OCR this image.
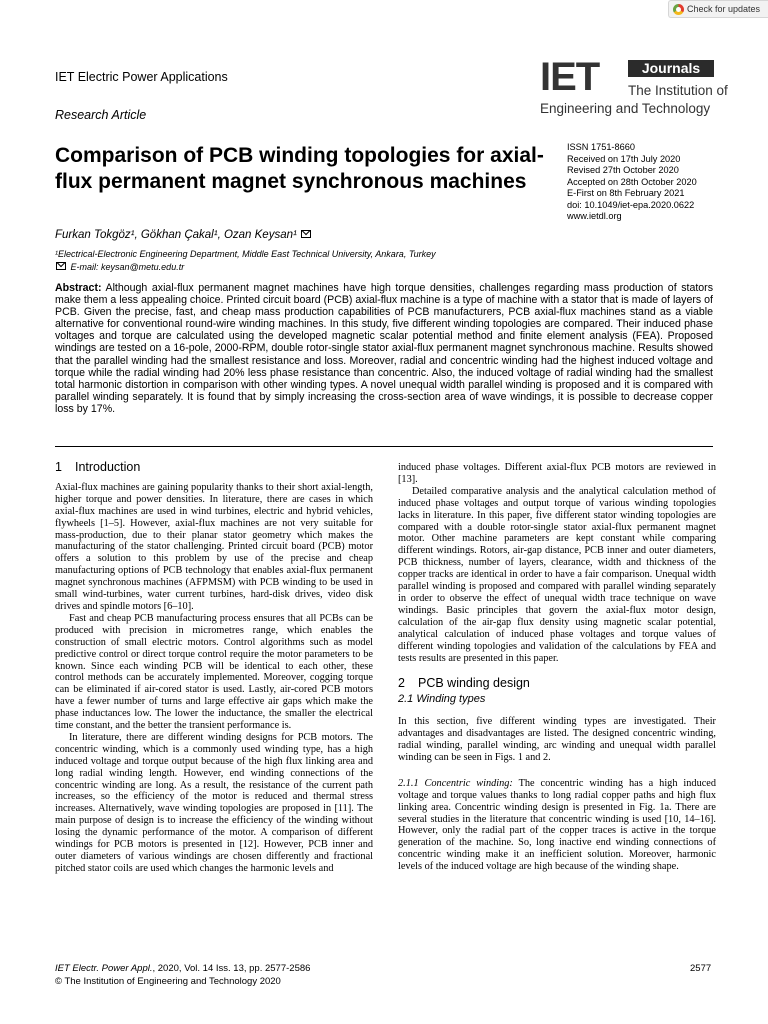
Check for updates
IET Electric Power Applications
Research Article
IET	Journals
The Institution of
Engineering and Technology
Comparison of PCB winding topologies for axial-flux permanent magnet synchronous machines
ISSN 1751-8660
Received on 17th July 2020
Revised 27th October 2020
Accepted on 28th October 2020
E-First on 8th February 2021
doi: 10.1049/iet-epa.2020.0622
www.ietdl.org
Furkan Tokgöz¹, Gökhan Çakal¹, Ozan Keysan¹
¹Electrical-Electronic Engineering Department, Middle East Technical University, Ankara, Turkey
E-mail: keysan@metu.edu.tr
Abstract: Although axial-flux permanent magnet machines have high torque densities, challenges regarding mass production of stators make them a less appealing choice. Printed circuit board (PCB) axial-flux machine is a type of machine with a stator that is made of layers of PCB. Given the precise, fast, and cheap mass production capabilities of PCB manufacturers, PCB axial-flux machines stand as a viable alternative for conventional round-wire winding machines. In this study, five different winding topologies are compared. Their induced phase voltages and torque are calculated using the developed magnetic scalar potential method and finite element analysis (FEA). Proposed windings are tested on a 16-pole, 2000-RPM, double rotor-single stator axial-flux permanent magnet synchronous machine. Results showed that the parallel winding had the smallest resistance and loss. Moreover, radial and concentric winding had the highest induced voltage and torque while the radial winding had 20% less phase resistance than concentric. Also, the induced voltage of radial winding had the smallest total harmonic distortion in comparison with other winding types. A novel unequal width parallel winding is proposed and it is compared with parallel winding separately. It is found that by simply increasing the cross-section area of wave windings, it is possible to decrease copper loss by 17%.
1 Introduction

Axial-flux machines are gaining popularity thanks to their short axial-length, higher torque and power densities. In literature, there are cases in which axial-flux machines are used in wind turbines, electric and hybrid vehicles, flywheels [1–5]. However, axial-flux machines are not very suitable for mass-production, due to their planar stator geometry which makes the manufacturing of the stator challenging. Printed circuit board (PCB) motor offers a solution to this problem by use of the precise and cheap manufacturing options of PCB technology that enables axial-flux permanent magnet synchronous machines (AFPMSM) with PCB winding to be used in small wind-turbines, water current turbines, hard-disk drives, video disk drives and spindle motors [6–10].

Fast and cheap PCB manufacturing process ensures that all PCBs can be produced with precision in micrometres range, which enables the construction of small electric motors. Control algorithms such as model predictive control or direct torque control require the motor parameters to be known. Since each winding PCB will be identical to each other, these control methods can be accurately implemented. Moreover, cogging torque can be eliminated if air-cored stator is used. Lastly, air-cored PCB motors have a fewer number of turns and large effective air gaps which make the phase inductances low. The lower the inductance, the smaller the electrical time constant, and the better the transient performance is.

In literature, there are different winding designs for PCB motors. The concentric winding, which is a commonly used winding type, has a high induced voltage and torque output because of the high flux linking area and long radial winding length. However, end winding connections of the concentric winding are long. As a result, the resistance of the current path increases, so the efficiency of the motor is reduced and thermal stress increases. Alternatively, wave winding topologies are proposed in [11]. The main purpose of design is to increase the efficiency of the winding without losing the dynamic performance of the motor. A comparison of different windings for PCB motors is presented in [12]. However, PCB inner and outer diameters of various windings are chosen differently and fractional pitched stator coils are used which changes the harmonic levels and

induced phase voltages. Different axial-flux PCB motors are reviewed in [13].

Detailed comparative analysis and the analytical calculation method of induced phase voltages and output torque of various winding topologies lacks in literature. In this paper, five different stator winding topologies are compared with a double rotor-single stator axial-flux permanent magnet motor. Other machine parameters are kept constant while comparing different windings. Rotors, air-gap distance, PCB inner and outer diameters, PCB thickness, number of layers, clearance, width and thickness of the copper tracks are identical in order to have a fair comparison. Unequal width parallel winding is proposed and compared with parallel winding separately in order to observe the effect of unequal width trace technique on wave windings. Basic principles that govern the axial-flux motor design, calculation of the air-gap flux density using magnetic scalar potential, analytical calculation of induced phase voltages and torque values of different winding topologies and validation of the calculations by FEA and tests results are presented in this paper.

2 PCB winding design
2.1 Winding types

In this section, five different winding types are investigated. Their advantages and disadvantages are listed. The designed concentric winding, radial winding, parallel winding, arc winding and unequal width parallel winding can be seen in Figs. 1 and 2.

2.1.1 Concentric winding: The concentric winding has a high induced voltage and torque values thanks to long radial copper paths and high flux linking area. Concentric winding design is presented in Fig. 1a. There are several studies in the literature that concentric winding is used [10, 14–16]. However, only the radial part of the copper traces is active in the torque generation of the machine. So, long inactive end winding connections of concentric winding make it an inefficient solution. Moreover, harmonic levels of the induced voltage are high because of the winding shape.

IET Electr. Power Appl., 2020, Vol. 14 Iss. 13, pp. 2577-2586
© The Institution of Engineering and Technology 2020
2577
